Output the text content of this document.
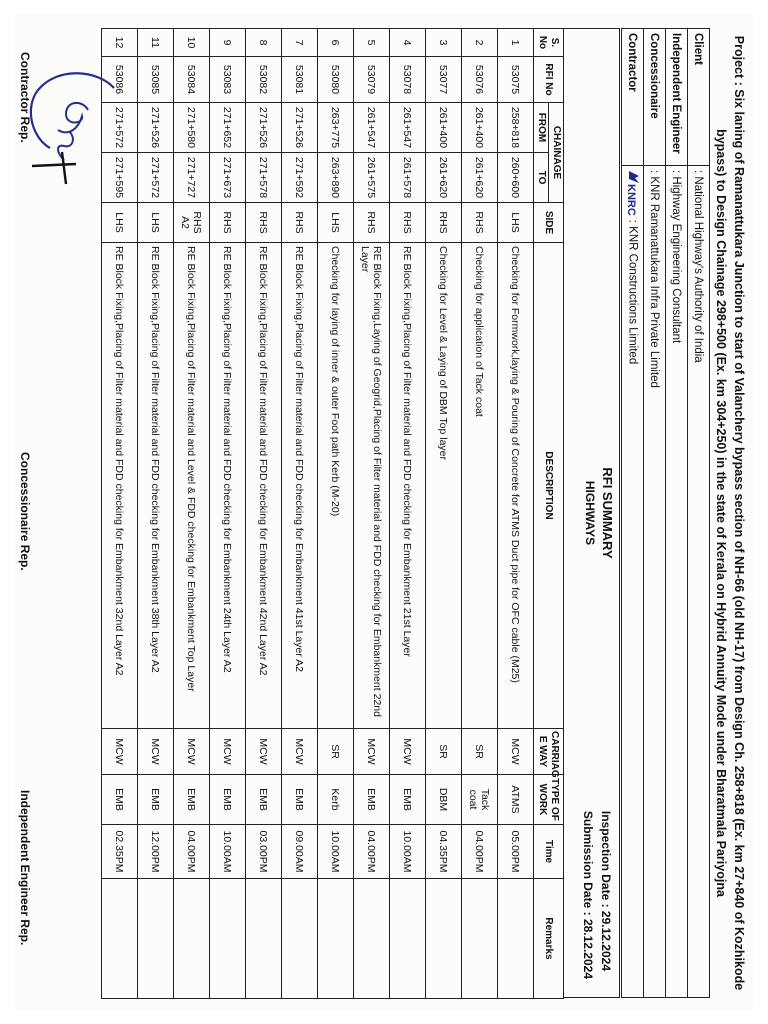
Project : Six laning of Ramanattukara Junction to start of Valanchery bypass section of NH-66 (old NH-17) from Design Ch. 258+818 (Ex. km 27+840 of Kozhikode bypass) to Design Chainage 298+500 (Ex. km 304+250) in the state of Kerala on Hybrid Annuity Mode under Bharatmala Pariyojna
Client	: National Highway's Authority of India
Independent Engineer	: Highway Engineering Consultant
Concessionaire	: KNR Ramanattukara Infra Private Limited
Contractor	KNRC: KNR Constructions Limited
RFI SUMMARY
HIGHWAYS
Inspection Date : 29.12.2024
Submission Date : 28.12.2024
S. No	RFI No	CHAINAGE		SIDE	DESCRIPTION	CARRIAG E WAY	TYPE OF WORK	Time	Remarks
		FROM	TO						
1	53075	258+818	260+600	LHS	Checking for Formwork,laying & Pouring of Concrete for ATMS Duct pipe for OFC cable (M25)	MCW	ATMS	05.00PM	
2	53076	261+400	261+620	RHS	Checking for application of Tack coat	SR	Tack coat	04.00PM	
3	53077	261+400	261+620	RHS	Checking for Level & Laying of DBM Top layer	SR	DBM	04.35PM	
4	53078	261+547	261+578	RHS	RE Block Fixing,Placing of Filter material and FDD checking for Embankment 21st Layer	MCW	EMB	10.00AM	
5	53079	261+547	261+575	RHS	RE Block Fixing,Laying of Geogrid,Placing of Filter material and FDD checking for Embankment 22nd Layer	MCW	EMB	04.00PM	
6	53080	263+775	263+890	LHS	Checking for laying of inner & outer Foot path Kerb (M-20)	SR	Kerb	10.00AM	
7	53081	271+526	271+592	RHS	RE Block Fixing,Placing of Filter material and FDD checking for Embankment 41st Layer A2	MCW	EMB	09.00AM	
8	53082	271+526	271+578	RHS	RE Block Fixing,Placing of Filter material and FDD checking for Embankment 42nd Layer A2	MCW	EMB	03.00PM	
9	53083	271+652	271+673	RHS	RE Block Fixing,Placing of Filter material and FDD checking for Embankment 24th Layer A2	MCW	EMB	10.00AM	
10	53084	271+580	271+727	RHS A2	RE Block Fixing,Placing of Filter material and Level & FDD checking for Embankment Top Layer	MCW	EMB	04.00PM	
11	53085	271+526	271+572	LHS	RE Block Fixing,Placing of Filter material and FDD checking for Embankment 38th Layer A2	MCW	EMB	12.00PM	
12	53086	271+572	271+595	LHS	RE Block Fixing,Placing of Filter material and FDD checking for Embankment 32nd Layer A2	MCW	EMB	02.35PM	
Contractor Rep.
Concessionaire Rep.
Independent Engineer Rep.
